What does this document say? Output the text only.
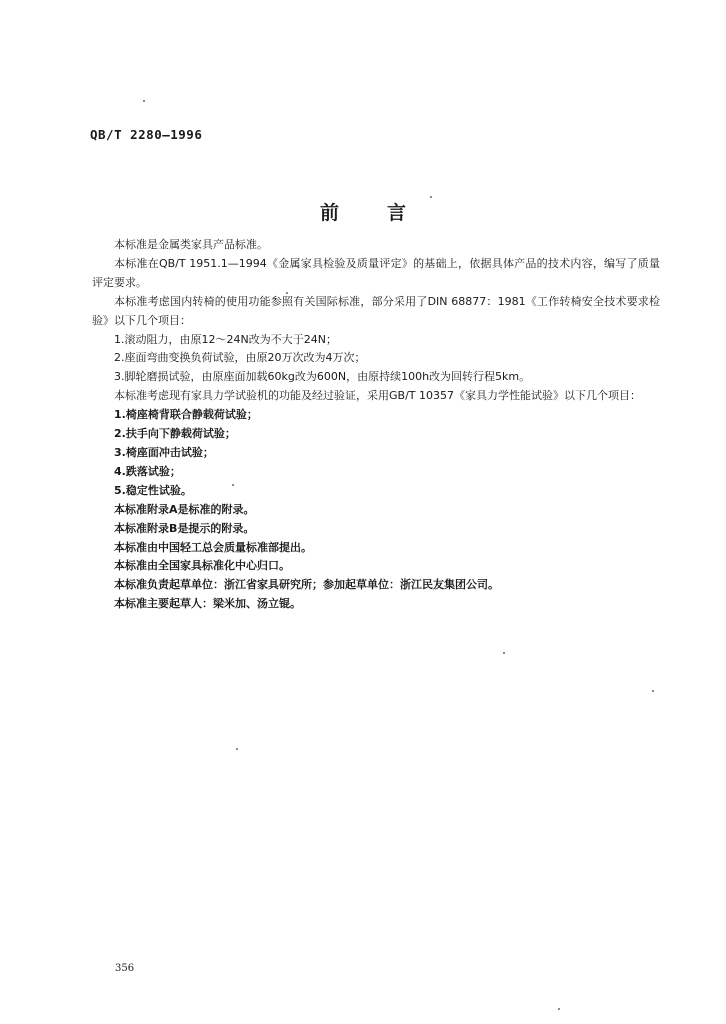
QB/T 2280—1996
前	言

本标准是金属类家具产品标准。

本标准在QB/T 1951.1—1994《金属家具检验及质量评定》的基础上，依据具体产品的技术内容，编写了质量评定要求。

本标准考虑国内转椅的使用功能参照有关国际标准，部分采用了DIN 68877：1981《工作转椅安全技术要求检验》以下几个项目：

1.滚动阻力，由原12～24N改为不大于24N；

2.座面弯曲变换负荷试验，由原20万次改为4万次；

3.脚轮磨损试验，由原座面加载60kg改为600N，由原持续100h改为回转行程5km。

本标准考虑现有家具力学试验机的功能及经过验证，采用GB/T 10357《家具力学性能试验》以下几个项目：

1.椅座椅背联合静载荷试验；

2.扶手向下静载荷试验；

3.椅座面冲击试验；

4.跌落试验；

5.稳定性试验。

本标准附录A是标准的附录。

本标准附录B是提示的附录。

本标准由中国轻工总会质量标准部提出。

本标准由全国家具标准化中心归口。

本标准负责起草单位：浙江省家具研究所；参加起草单位：浙江民友集团公司。

本标准主要起草人：梁米加、汤立锟。

356
